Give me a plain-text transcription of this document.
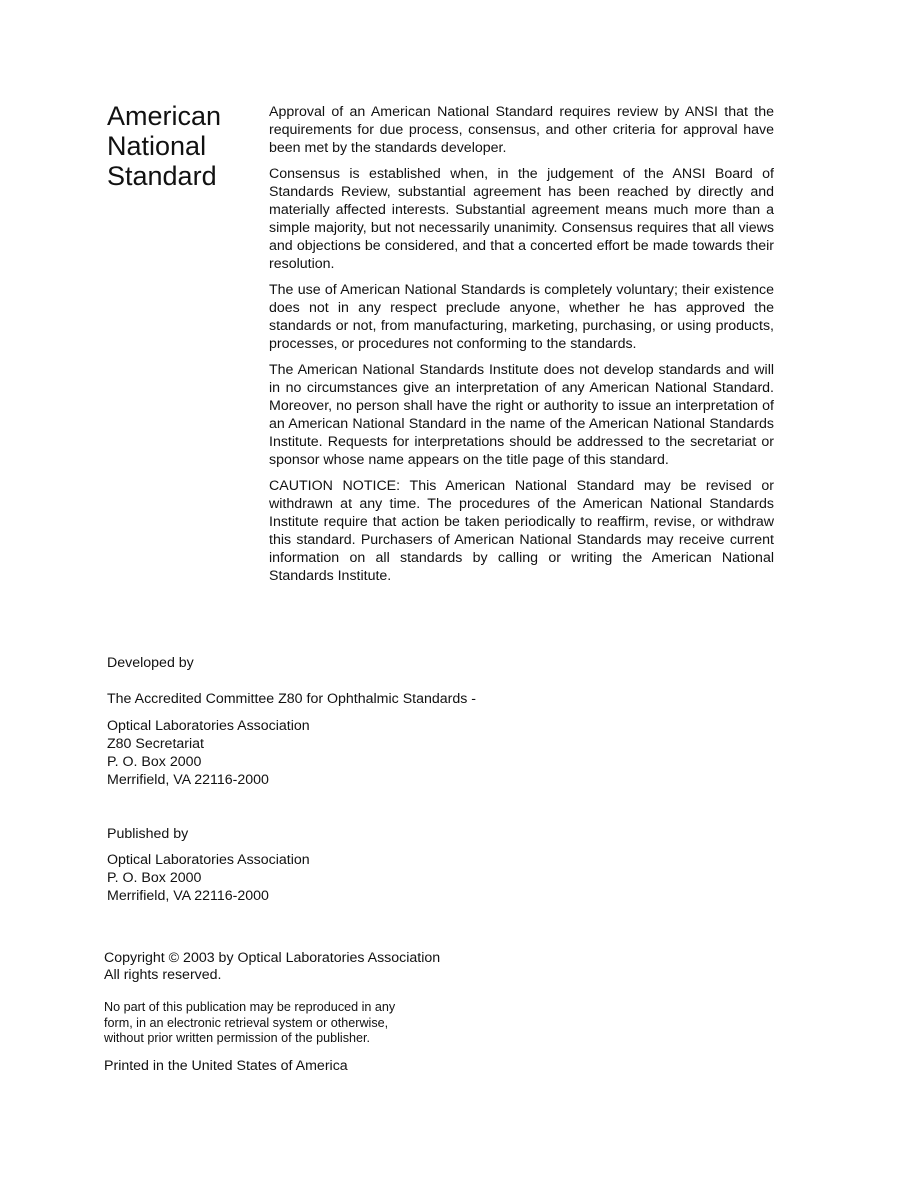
American
National
Standard

Approval of an American National Standard requires review by ANSI that the requirements for due process, consensus, and other criteria for approval have been met by the standards developer.

Consensus is established when, in the judgement of the ANSI Board of Standards Review, substantial agreement has been reached by directly and materially affected interests. Substantial agreement means much more than a simple majority, but not necessarily unanimity. Consensus requires that all views and objections be considered, and that a concerted effort be made towards their resolution.

The use of American National Standards is completely voluntary; their existence does not in any respect preclude anyone, whether he has approved the standards or not, from manufacturing, marketing, purchasing, or using products, processes, or procedures not conforming to the standards.

The American National Standards Institute does not develop standards and will in no circumstances give an interpretation of any American National Standard. Moreover, no person shall have the right or authority to issue an interpretation of an American National Standard in the name of the American National Standards Institute. Requests for interpretations should be addressed to the secretariat or sponsor whose name appears on the title page of this standard.

CAUTION NOTICE: This American National Standard may be revised or withdrawn at any time. The procedures of the American National Standards Institute require that action be taken periodically to reaffirm, revise, or withdraw this standard. Purchasers of American National Standards may receive current information on all standards by calling or writing the American National Standards Institute.

Developed by
The Accredited Committee Z80 for Ophthalmic Standards -
Optical Laboratories Association
Z80 Secretariat
P. O. Box 2000
Merrifield, VA 22116-2000
Published by
Optical Laboratories Association
P. O. Box 2000
Merrifield, VA 22116-2000
Copyright © 2003 by Optical Laboratories Association
All rights reserved.
No part of this publication may be reproduced in any
form, in an electronic retrieval system or otherwise,
without prior written permission of the publisher.
Printed in the United States of America
